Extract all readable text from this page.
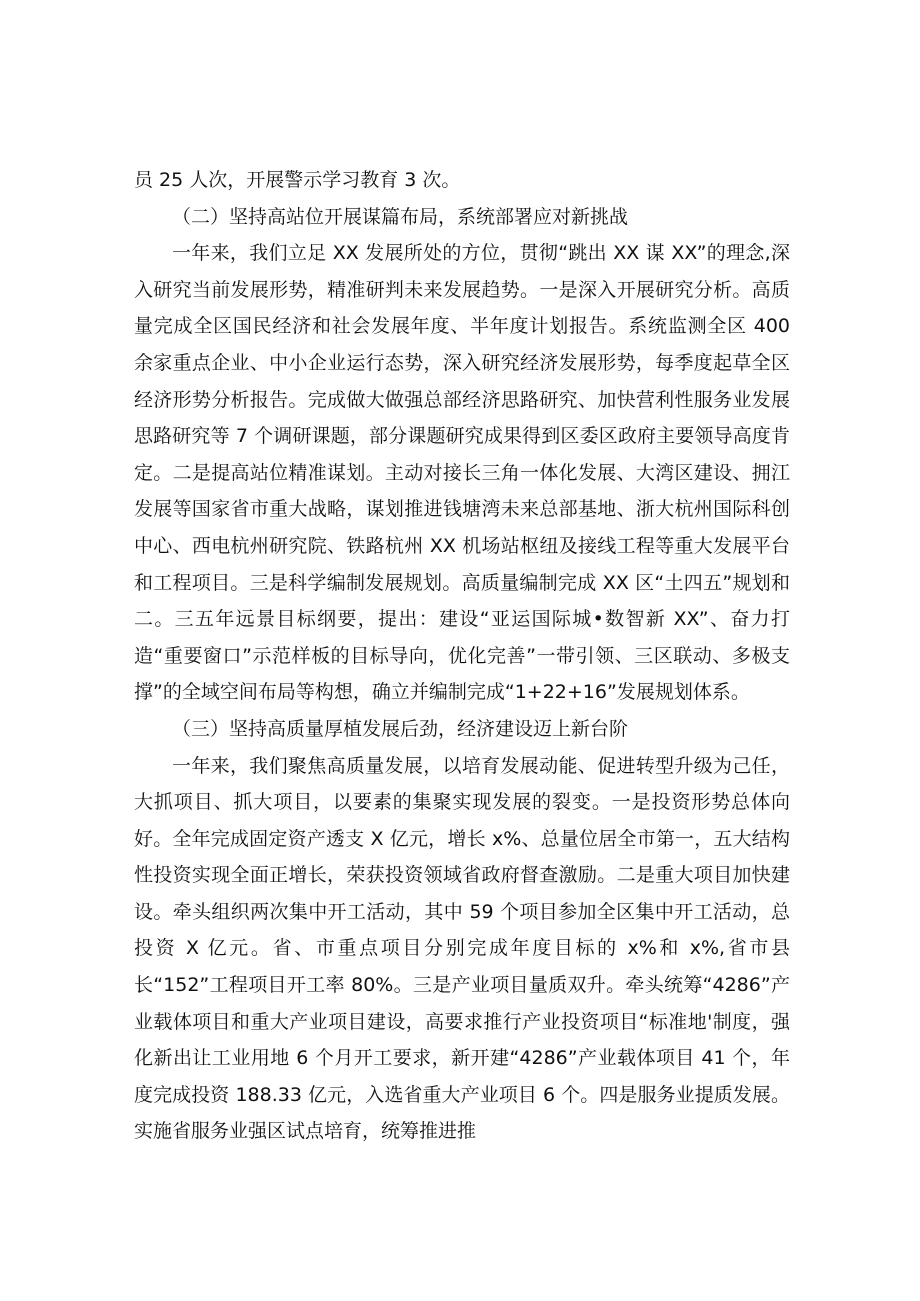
员 25 人次，开展警示学习教育 3 次。

（二）坚持高站位开展谋篇布局，系统部署应对新挑战

一年来，我们立足 XX 发展所处的方位，贯彻“跳出 XX 谋 XX”的理念,深入研究当前发展形势，精准研判未来发展趋势。一是深入开展研究分析。高质量完成全区国民经济和社会发展年度、半年度计划报告。系统监测全区 400 余家重点企业、中小企业运行态势，深入研究经济发展形势，每季度起草全区经济形势分析报告。完成做大做强总部经济思路研究、加快营利性服务业发展思路研究等 7 个调研课题，部分课题研究成果得到区委区政府主要领导高度肯定。二是提高站位精准谋划。主动对接长三角一体化发展、大湾区建设、拥江发展等国家省市重大战略，谋划推进钱塘湾未来总部基地、浙大杭州国际科创中心、西电杭州研究院、铁路杭州 XX 机场站枢纽及接线工程等重大发展平台和工程项目。三是科学编制发展规划。高质量编制完成 XX 区“土四五”规划和二。三五年远景目标纲要，提出：建设“亚运国际城•数智新 XX”、奋力打造“重要窗口”示范样板的目标导向，优化完善”一带引领、三区联动、多极支撑”的全域空间布局等构想，确立并编制完成“1+22+16”发展规划体系。

（三）坚持高质量厚植发展后劲，经济建设迈上新台阶

一年来，我们聚焦高质量发展，以培育发展动能、促进转型升级为己任，大抓项目、抓大项目，以要素的集聚实现发展的裂变。一是投资形势总体向好。全年完成固定资产透支 X 亿元，增长 x%、总量位居全市第一，五大结构性投资实现全面正增长，荣获投资领域省政府督查激励。二是重大项目加快建设。牵头组织两次集中开工活动，其中 59 个项目参加全区集中开工活动，总投资 X 亿元。省、市重点项目分别完成年度目标的 x%和 x%,省市县长“152”工程项目开工率 80%。三是产业项目量质双升。牵头统筹“4286”产业载体项目和重大产业项目建设，高要求推行产业投资项目“标准地'制度，强化新出让工业用地 6 个月开工要求，新开建“4286”产业载体项目 41 个，年度完成投资 188.33 亿元，入选省重大产业项目 6 个。四是服务业提质发展。实施省服务业强区试点培育，统筹推进推
